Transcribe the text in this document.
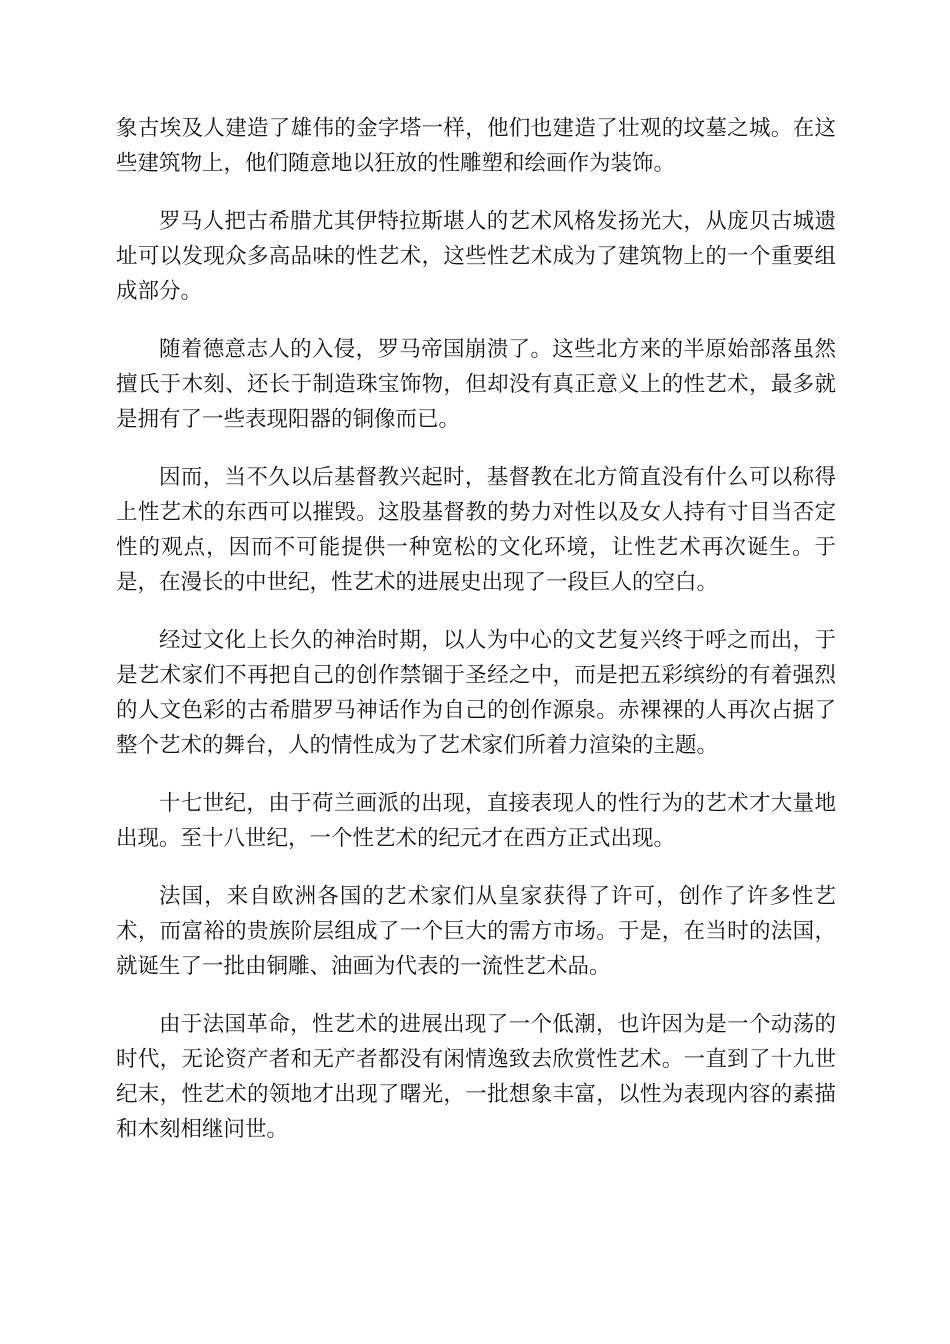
象古埃及人建造了雄伟的金字塔一样，他们也建造了壮观的坟墓之城。在这些建筑物上，他们随意地以狂放的性雕塑和绘画作为装饰。

罗马人把古希腊尤其伊特拉斯堪人的艺术风格发扬光大，从庞贝古城遗址可以发现众多高品味的性艺术，这些性艺术成为了建筑物上的一个重要组成部分。

随着德意志人的入侵，罗马帝国崩溃了。这些北方来的半原始部落虽然擅氏于木刻、还长于制造珠宝饰物，但却没有真正意义上的性艺术，最多就是拥有了一些表现阳器的铜像而已。

因而，当不久以后基督教兴起时，基督教在北方简直没有什么可以称得上性艺术的东西可以摧毁。这股基督教的势力对性以及女人持有寸目当否定性的观点，因而不可能提供一种宽松的文化环境，让性艺术再次诞生。于是，在漫长的中世纪，性艺术的进展史出现了一段巨人的空白。

经过文化上长久的神治时期，以人为中心的文艺复兴终于呼之而出，于是艺术家们不再把自己的创作禁锢于圣经之中，而是把五彩缤纷的有着强烈的人文色彩的古希腊罗马神话作为自己的创作源泉。赤裸裸的人再次占据了整个艺术的舞台，人的情性成为了艺术家们所着力渲染的主题。

十七世纪，由于荷兰画派的出现，直接表现人的性行为的艺术才大量地出现。至十八世纪，一个性艺术的纪元才在西方正式出现。

法国，来自欧洲各国的艺术家们从皇家获得了许可，创作了许多性艺术，而富裕的贵族阶层组成了一个巨大的需方市场。于是，在当时的法国，就诞生了一批由铜雕、油画为代表的一流性艺术品。

由于法国革命，性艺术的进展出现了一个低潮，也许因为是一个动荡的时代，无论资产者和无产者都没有闲情逸致去欣赏性艺术。一直到了十九世纪末，性艺术的领地才出现了曙光，一批想象丰富，以性为表现内容的素描和木刻相继问世。
